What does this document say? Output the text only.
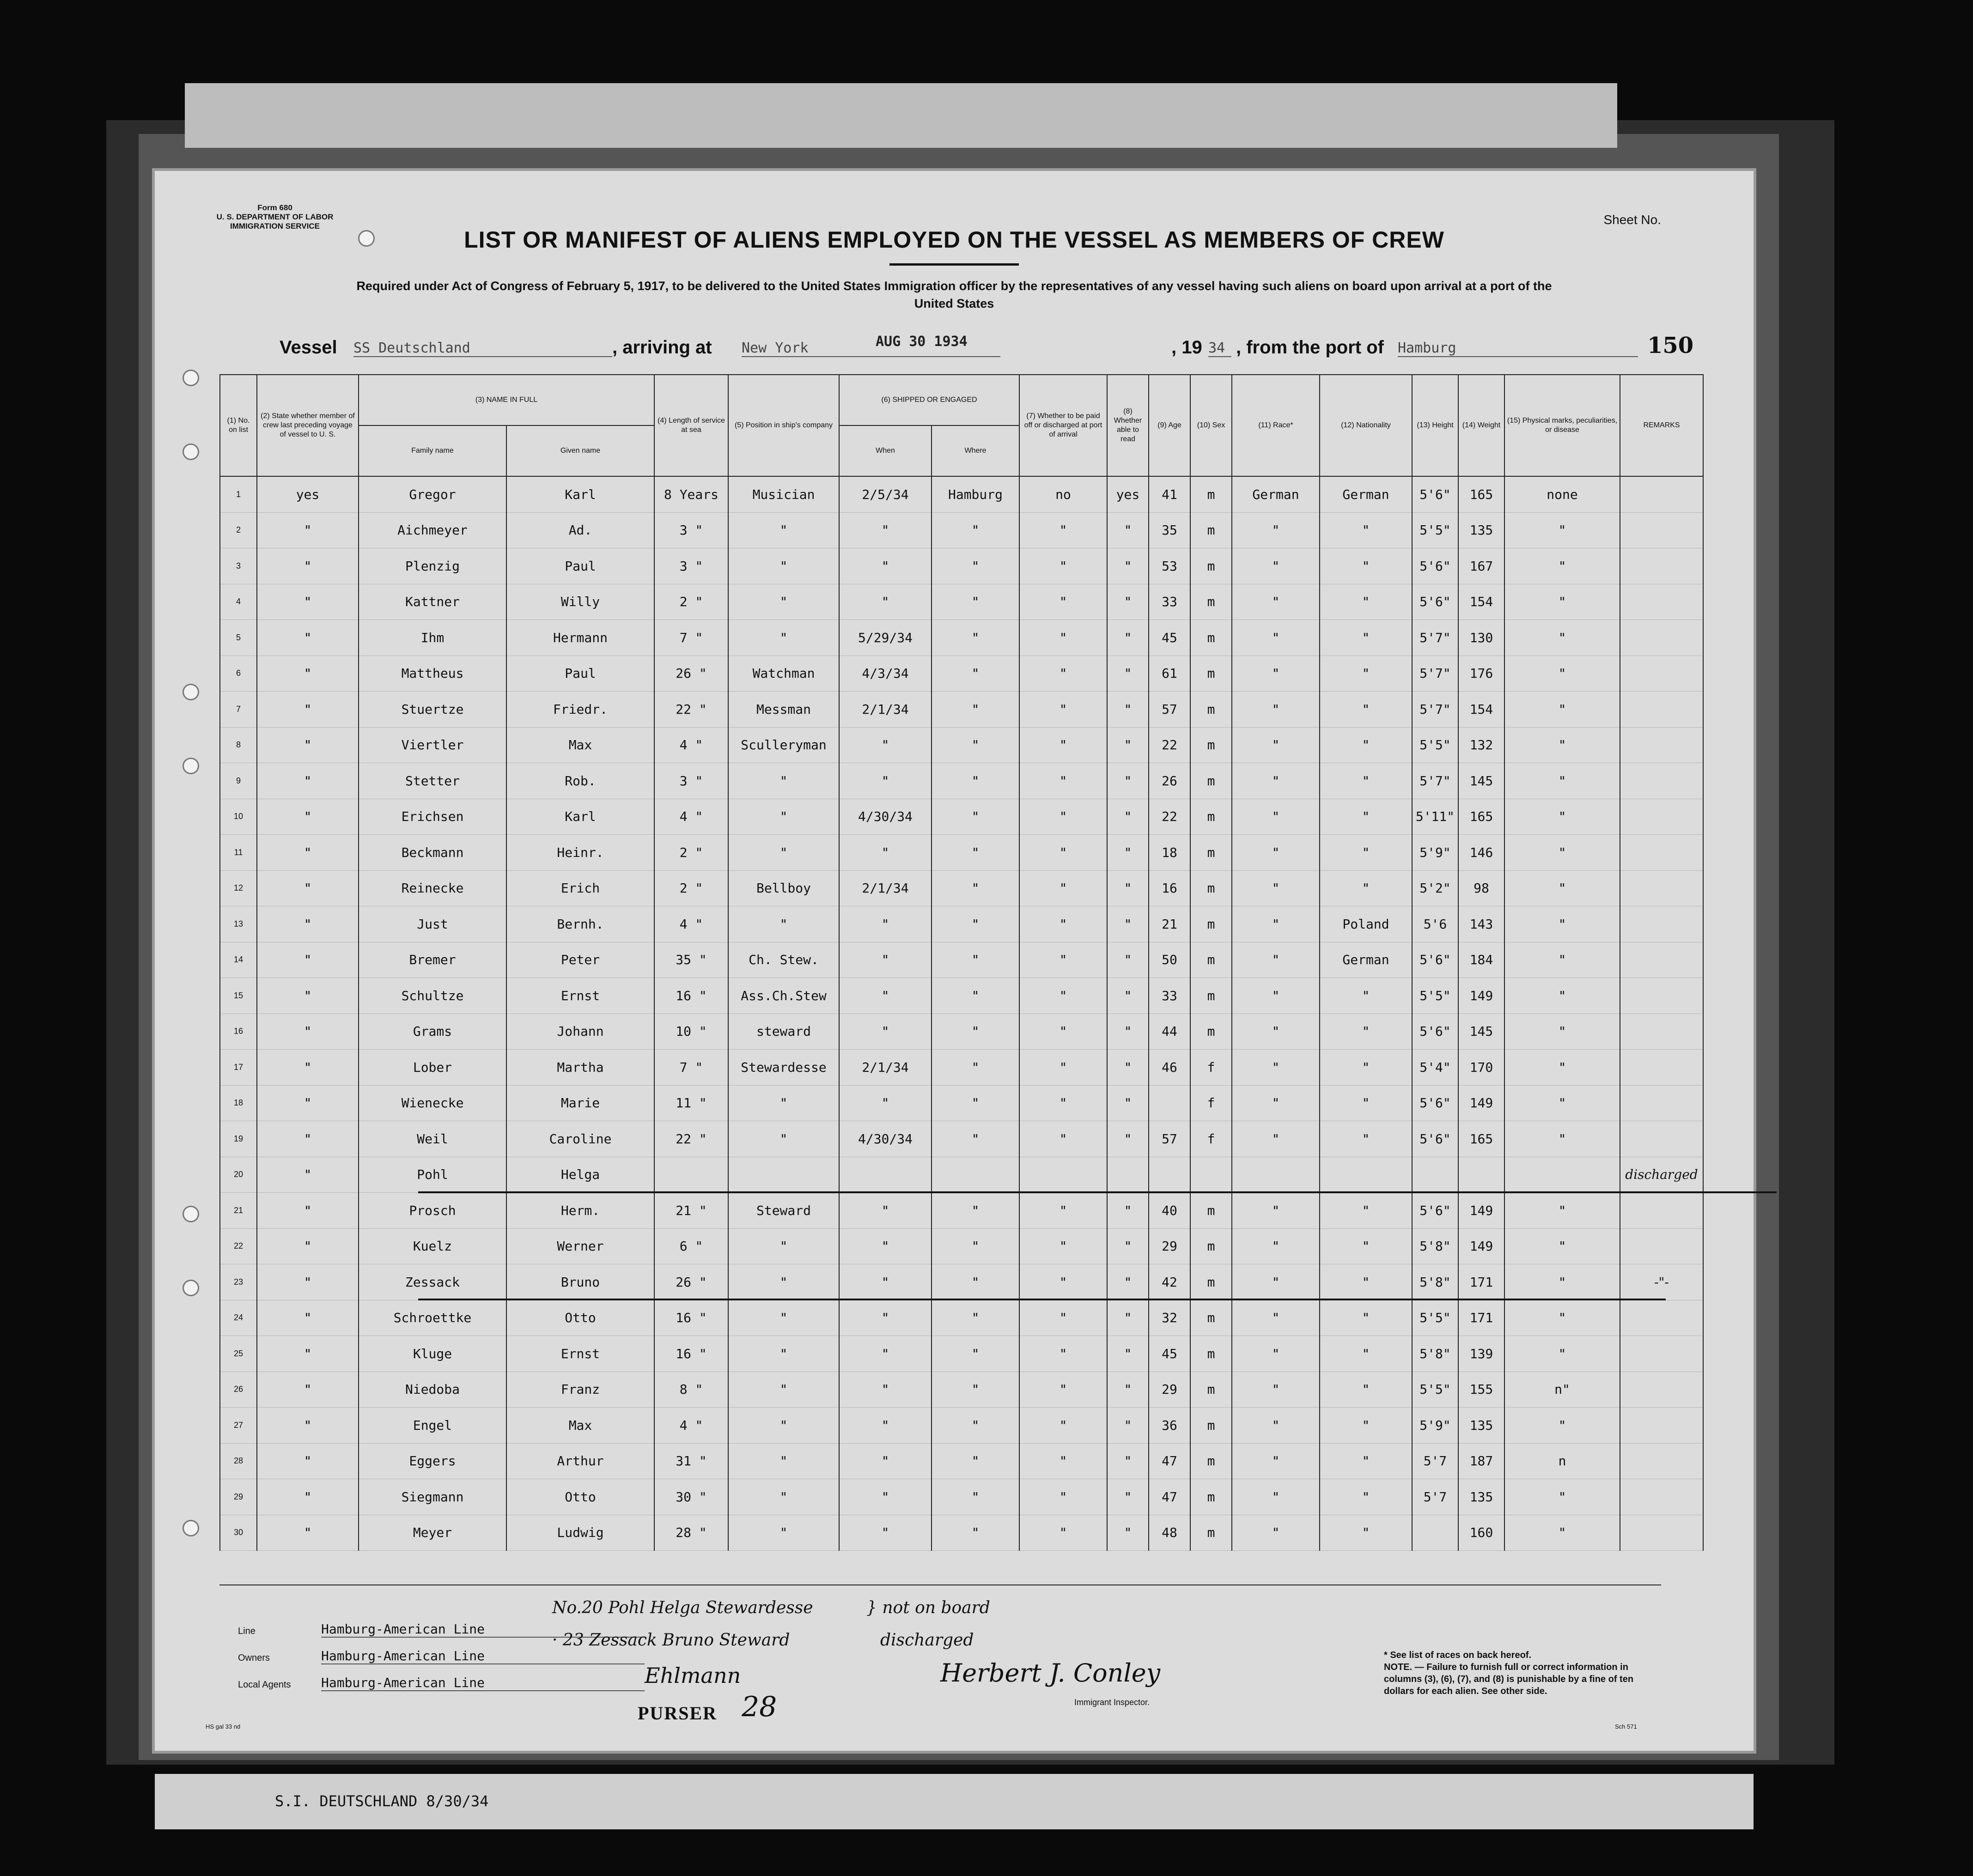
Form 680
U. S. DEPARTMENT OF LABOR
IMMIGRATION SERVICE	Sheet No.
LIST OR MANIFEST OF ALIENS EMPLOYED ON THE VESSEL AS MEMBERS OF CREW
Required under Act of Congress of February 5, 1917, to be delivered to the United States Immigration officer by the representatives of any vessel having such aliens on board upon arrival at a port of the United States
Vessel SS Deutschland	, arriving at New York	AUG 30 1934	, 19 34 , from the port of Hamburg	150
(1) No. on list	(2) State whether member of crew last preceding voyage of vessel to U. S.	(3) NAME IN FULL		(4) Length of service at sea	(5) Position in ship's company	(6) SHIPPED OR ENGAGED		(7) Whether to be paid off or discharged at port of arrival	(8) Whether able to read	(9) Age	(10) Sex	(11) Race*	(12) Nationality	(13) Height	(14) Weight	(15) Physical marks, peculiarities, or disease	REMARKS
		Family name	Given name			When	Where										
1	yes	Gregor	Karl	8 Years	Musician	2/5/34	Hamburg	no	yes	41	m	German	German	5'6"	165	none	
2	"	Aichmeyer	Ad.	3 "	"	"	"	"	"	35	m	"	"	5'5"	135	"	
3	"	Plenzig	Paul	3 "	"	"	"	"	"	53	m	"	"	5'6"	167	"	
4	"	Kattner	Willy	2 "	"	"	"	"	"	33	m	"	"	5'6"	154	"	
5	"	Ihm	Hermann	7 "	"	5/29/34	"	"	"	45	m	"	"	5'7"	130	"	
6	"	Mattheus	Paul	26 "	Watchman	4/3/34	"	"	"	61	m	"	"	5'7"	176	"	
7	"	Stuertze	Friedr.	22 "	Messman	2/1/34	"	"	"	57	m	"	"	5'7"	154	"	
8	"	Viertler	Max	4 "	Sculleryman	"	"	"	"	22	m	"	"	5'5"	132	"	
9	"	Stetter	Rob.	3 "	"	"	"	"	"	26	m	"	"	5'7"	145	"	
10	"	Erichsen	Karl	4 "	"	4/30/34	"	"	"	22	m	"	"	5'11"	165	"	
11	"	Beckmann	Heinr.	2 "	"	"	"	"	"	18	m	"	"	5'9"	146	"	
12	"	Reinecke	Erich	2 "	Bellboy	2/1/34	"	"	"	16	m	"	"	5'2"	98	"	
13	"	Just	Bernh.	4 "	"	"	"	"	"	21	m	"	Poland	5'6	143	"	
14	"	Bremer	Peter	35 "	Ch. Stew.	"	"	"	"	50	m	"	German	5'6"	184	"	
15	"	Schultze	Ernst	16 "	Ass.Ch.Stew	"	"	"	"	33	m	"	"	5'5"	149	"	
16	"	Grams	Johann	10 "	steward	"	"	"	"	44	m	"	"	5'6"	145	"	
17	"	Lober	Martha	7 "	Stewardesse	2/1/34	"	"	"	46	f	"	"	5'4"	170	"	
18	"	Wienecke	Marie	11 "	"	"	"	"	"		f	"	"	5'6"	149	"	
19	"	Weil	Caroline	22 "	"	4/30/34	"	"	"	57	f	"	"	5'6"	165	"	
20	"	Pohl	Helga														discharged
21	"	Prosch	Herm.	21 "	Steward	"	"	"	"	40	m	"	"	5'6"	149	"	
22	"	Kuelz	Werner	6 "	"	"	"	"	"	29	m	"	"	5'8"	149	"	
23	"	Zessack	Bruno	26 "	"	"	"	"	"	42	m	"	"	5'8"	171	"	-"-
24	"	Schroettke	Otto	16 "	"	"	"	"	"	32	m	"	"	5'5"	171	"	
25	"	Kluge	Ernst	16 "	"	"	"	"	"	45	m	"	"	5'8"	139	"	
26	"	Niedoba	Franz	8 "	"	"	"	"	"	29	m	"	"	5'5"	155	n"	
27	"	Engel	Max	4 "	"	"	"	"	"	36	m	"	"	5'9"	135	"	
28	"	Eggers	Arthur	31 "	"	"	"	"	"	47	m	"	"	5'7	187	n	
29	"	Siegmann	Otto	30 "	"	"	"	"	"	47	m	"	"	5'7	135	"	
30	"	Meyer	Ludwig	28 "	"	"	"	"	"	48	m	"	"		160	"	
Line	Hamburg-American Line
Owners	Hamburg-American Line
Local Agents Hamburg-American Line
No.20 Pohl Helga Stewardesse
· 23 Zessack Bruno Steward
} not on board
discharged
Ehlmann	Herbert J. Conley
PURSER
Immigrant Inspector.
28
* See list of races on back hereof.
NOTE. — Failure to furnish full or correct information in columns (3), (6), (7), and (8) is punishable by a fine of ten dollars for each alien. See other side.
HS gal 33 nd	Sch 571
S.I. DEUTSCHLAND 8/30/34
